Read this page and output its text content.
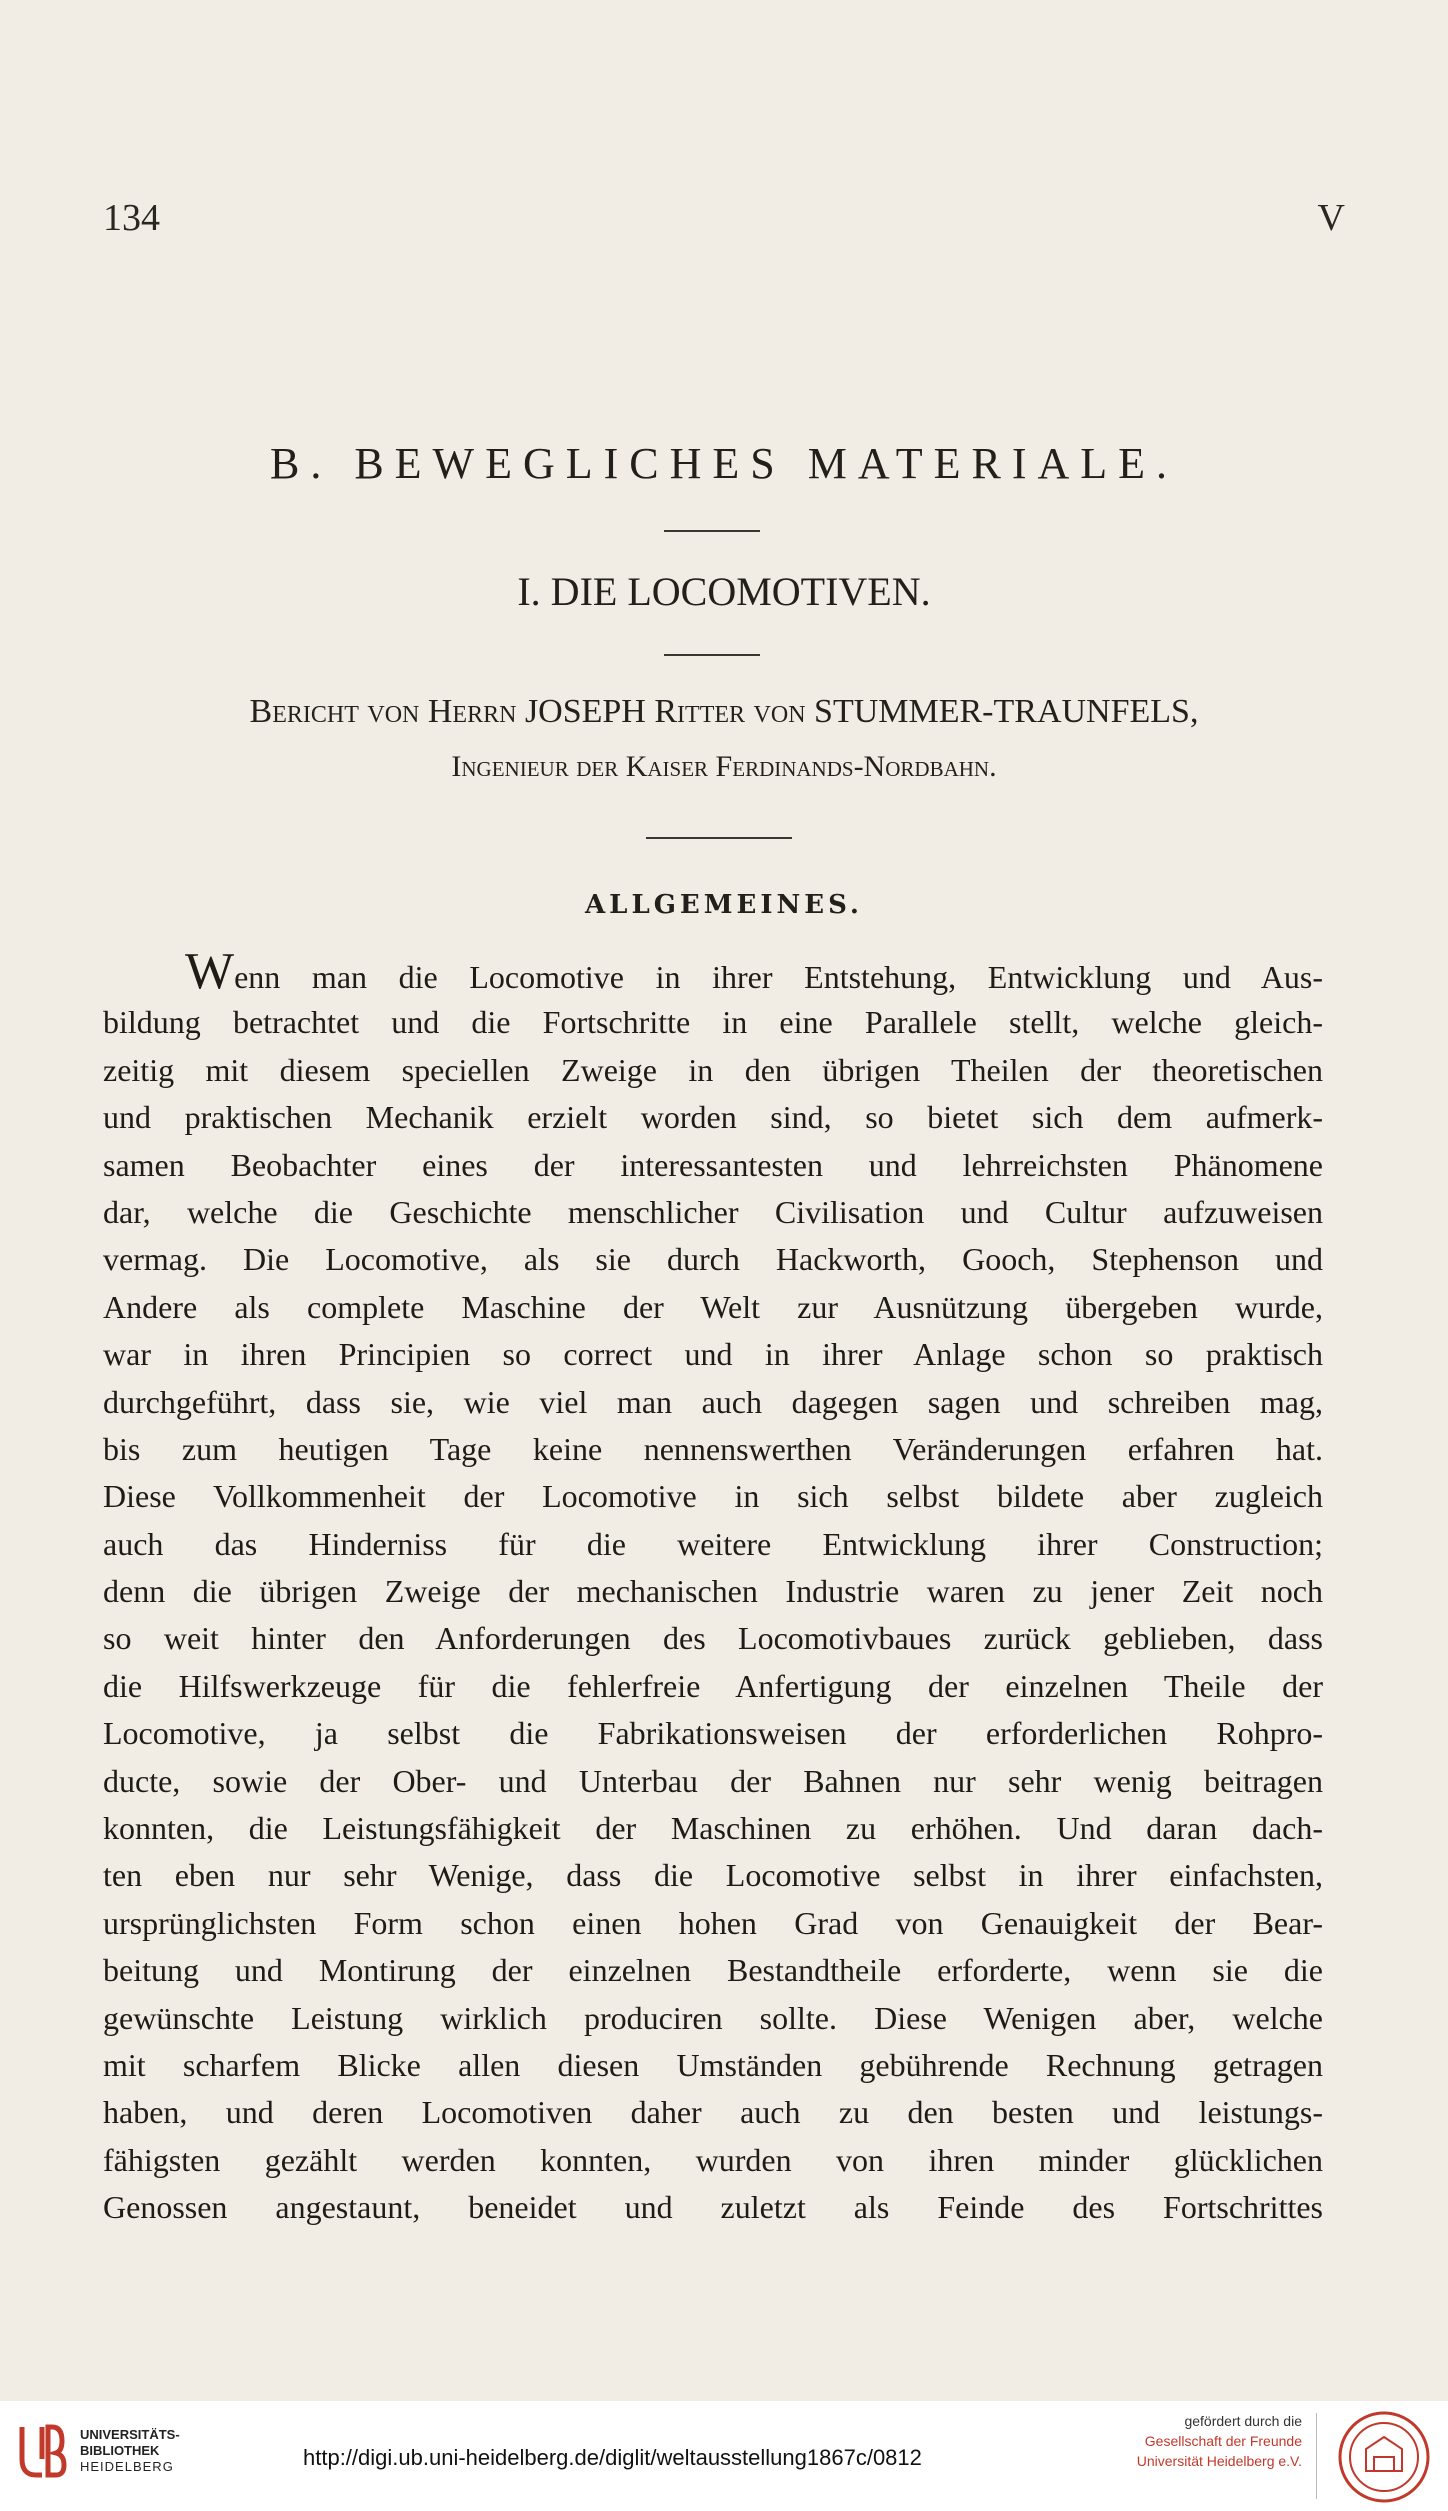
134	V
B. BEWEGLICHES MATERIALE.
I. DIE LOCOMOTIVEN.
Bericht von Herrn JOSEPH Ritter von STUMMER-TRAUNFELS,
Ingenieur der Kaiser Ferdinands-Nordbahn.
ALLGEMEINES.
Wenn man die Locomotive in ihrer Entstehung, Entwicklung und Aus-
bildung betrachtet und die Fortschritte in eine Parallele stellt, welche gleich-
zeitig mit diesem speciellen Zweige in den übrigen Theilen der theoretischen
und praktischen Mechanik erzielt worden sind, so bietet sich dem aufmerk-
samen Beobachter eines der interessantesten und lehrreichsten Phänomene
dar, welche die Geschichte menschlicher Civilisation und Cultur aufzuweisen
vermag. Die Locomotive, als sie durch Hackworth, Gooch, Stephenson und
Andere als complete Maschine der Welt zur Ausnützung übergeben wurde,
war in ihren Principien so correct und in ihrer Anlage schon so praktisch
durchgeführt, dass sie, wie viel man auch dagegen sagen und schreiben mag,
bis zum heutigen Tage keine nennenswerthen Veränderungen erfahren hat.
Diese Vollkommenheit der Locomotive in sich selbst bildete aber zugleich
auch das Hinderniss für die weitere Entwicklung ihrer Construction;
denn die übrigen Zweige der mechanischen Industrie waren zu jener Zeit noch
so weit hinter den Anforderungen des Locomotivbaues zurück geblieben, dass
die Hilfswerkzeuge für die fehlerfreie Anfertigung der einzelnen Theile der
Locomotive, ja selbst die Fabrikationsweisen der erforderlichen Rohpro-
ducte, sowie der Ober- und Unterbau der Bahnen nur sehr wenig beitragen
konnten, die Leistungsfähigkeit der Maschinen zu erhöhen. Und daran dach-
ten eben nur sehr Wenige, dass die Locomotive selbst in ihrer einfachsten,
ursprünglichsten Form schon einen hohen Grad von Genauigkeit der Bear-
beitung und Montirung der einzelnen Bestandtheile erforderte, wenn sie die
gewünschte Leistung wirklich produciren sollte. Diese Wenigen aber, welche
mit scharfem Blicke allen diesen Umständen gebührende Rechnung getragen
haben, und deren Locomotiven daher auch zu den besten und leistungs-
fähigsten gezählt werden konnten, wurden von ihren minder glücklichen
Genossen angestaunt, beneidet und zuletzt als Feinde des Fortschrittes
UNIVERSITÄTS-
BIBLIOTHEK
HEIDELBERG	http://digi.ub.uni-heidelberg.de/diglit/weltausstellung1867c/0812
gefördert durch die
Gesellschaft der Freunde
Universität Heidelberg e.V.
